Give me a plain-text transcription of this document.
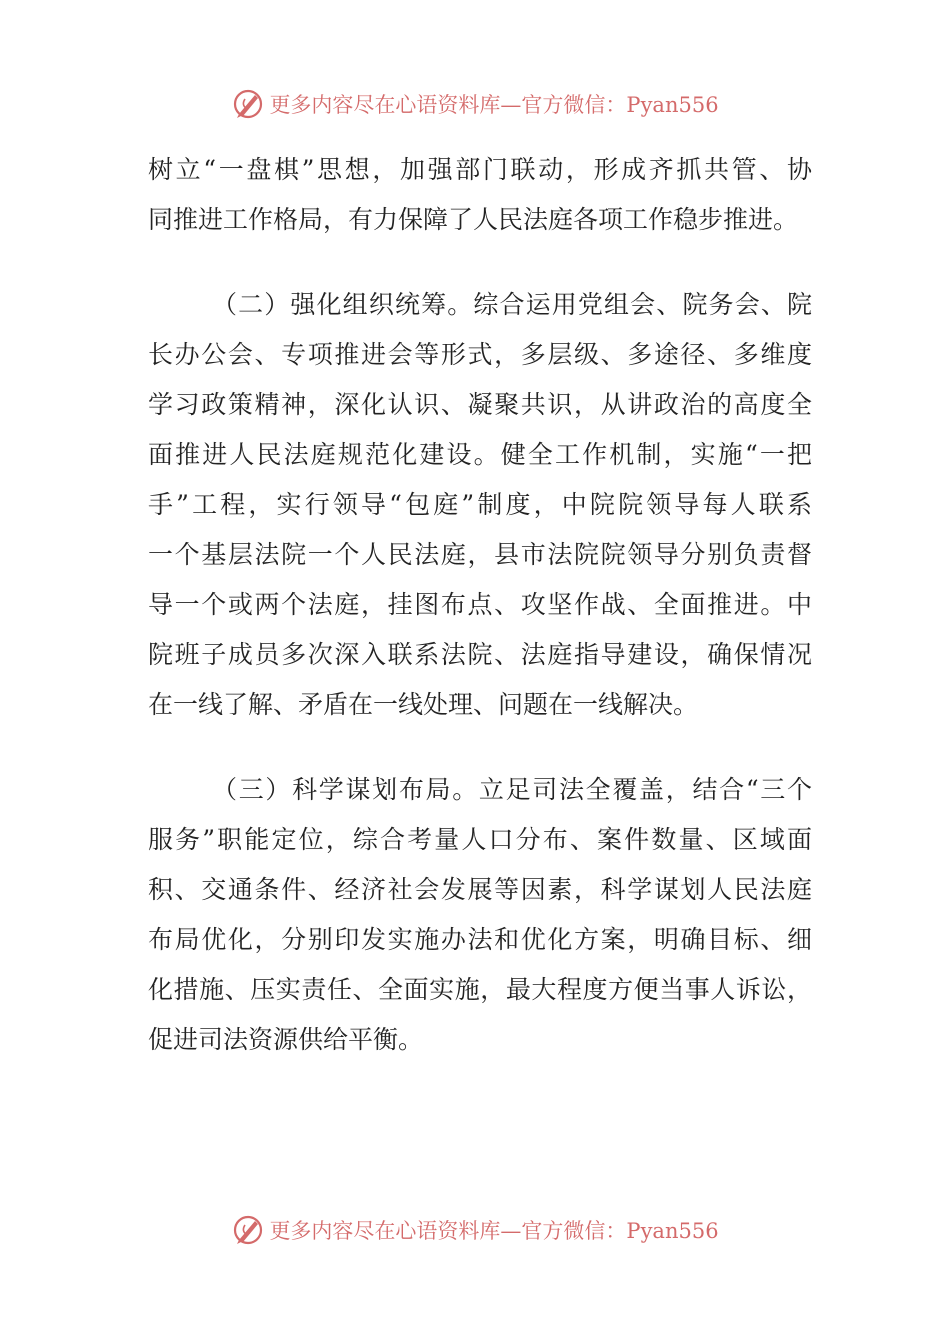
更多内容尽在心语资料库—官方微信：Pyan556

树立“一盘棋”思想，加强部门联动，形成齐抓共管、协

同推进工作格局，有力保障了人民法庭各项工作稳步推进。

（二）强化组织统筹。综合运用党组会、院务会、院

长办公会、专项推进会等形式，多层级、多途径、多维度

学习政策精神，深化认识、凝聚共识，从讲政治的高度全

面推进人民法庭规范化建设。健全工作机制，实施“一把

手”工程，实行领导“包庭”制度，中院院领导每人联系

一个基层法院一个人民法庭，县市法院院领导分别负责督

导一个或两个法庭，挂图布点、攻坚作战、全面推进。中

院班子成员多次深入联系法院、法庭指导建设，确保情况

在一线了解、矛盾在一线处理、问题在一线解决。

（三）科学谋划布局。立足司法全覆盖，结合“三个

服务”职能定位，综合考量人口分布、案件数量、区域面

积、交通条件、经济社会发展等因素，科学谋划人民法庭

布局优化，分别印发实施办法和优化方案，明确目标、细

化措施、压实责任、全面实施，最大程度方便当事人诉讼，

促进司法资源供给平衡。

更多内容尽在心语资料库—官方微信：Pyan556
